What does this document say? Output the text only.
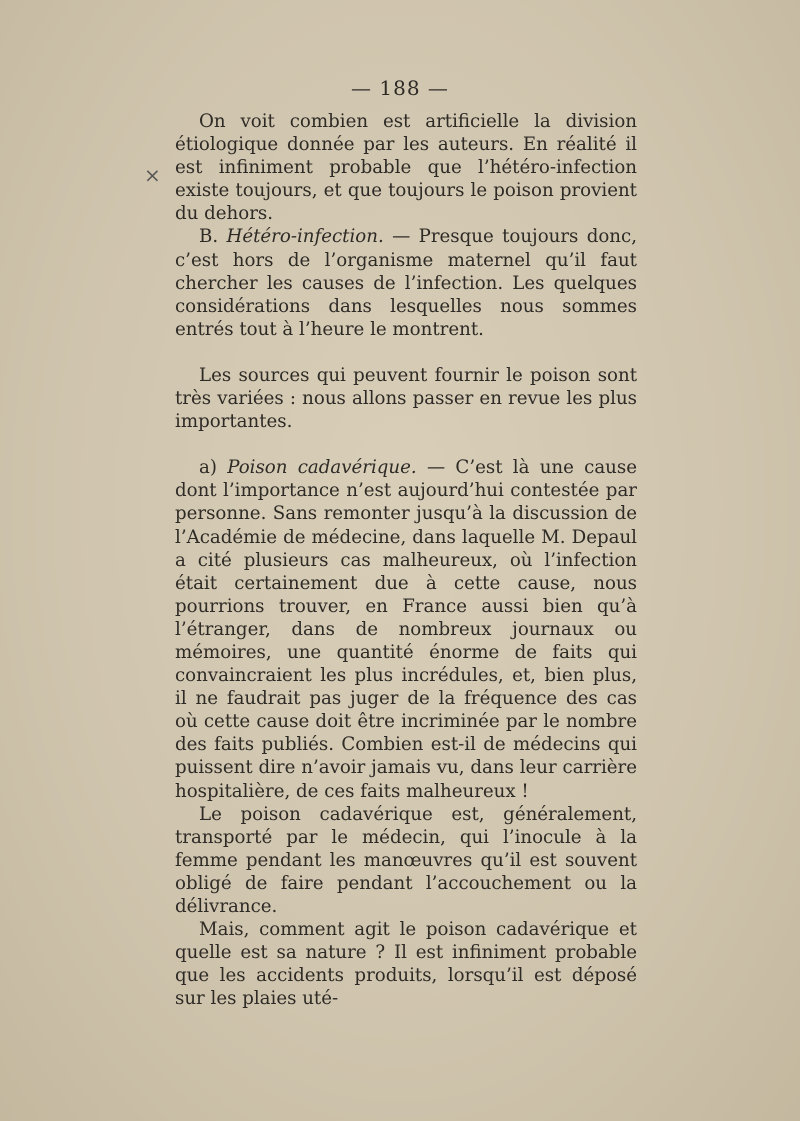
— 188 —
×

On voit combien est artificielle la division étiologique donnée par les auteurs. En réalité il est infiniment probable que l’hétéro-infection existe toujours, et que toujours le poison provient du dehors.

B. Hétéro-infection. — Presque toujours donc, c’est hors de l’organisme maternel qu’il faut chercher les causes de l’infection. Les quelques considérations dans lesquelles nous sommes entrés tout à l’heure le montrent.

Les sources qui peuvent fournir le poison sont très variées : nous allons passer en revue les plus importantes.

a) Poison cadavérique. — C’est là une cause dont l’importance n’est aujourd’hui contestée par personne. Sans remonter jusqu’à la discussion de l’Académie de médecine, dans laquelle M. Depaul a cité plusieurs cas malheureux, où l’infection était certainement due à cette cause, nous pourrions trouver, en France aussi bien qu’à l’étranger, dans de nombreux journaux ou mémoires, une quantité énorme de faits qui convaincraient les plus incrédules, et, bien plus, il ne faudrait pas juger de la fréquence des cas où cette cause doit être incriminée par le nombre des faits publiés. Combien est-il de médecins qui puissent dire n’avoir jamais vu, dans leur carrière hospitalière, de ces faits malheureux !

Le poison cadavérique est, généralement, transporté par le médecin, qui l’inocule à la femme pendant les manœuvres qu’il est souvent obligé de faire pendant l’accouchement ou la délivrance.

Mais, comment agit le poison cadavérique et quelle est sa nature ? Il est infiniment probable que les accidents produits, lorsqu’il est déposé sur les plaies uté-
